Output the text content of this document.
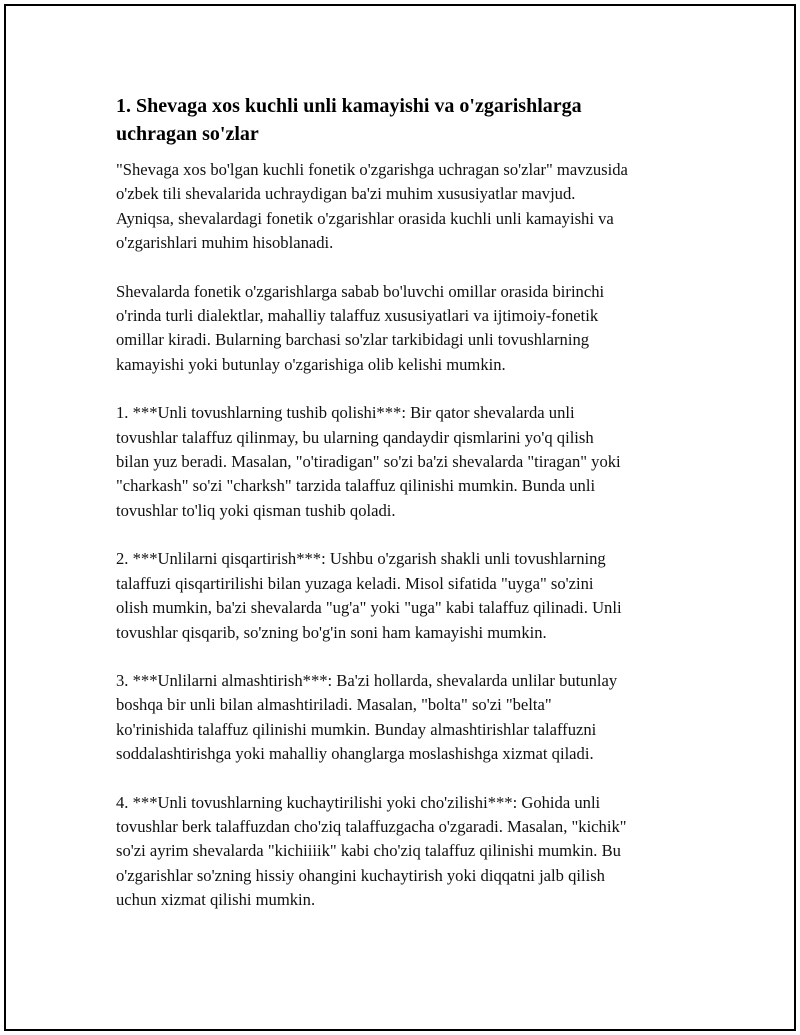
1. Shevaga xos kuchli unli kamayishi va o'zgarishlarga
uchragan so'zlar

"Shevaga xos bo'lgan kuchli fonetik o'zgarishga uchragan so'zlar" mavzusida
o'zbek tili shevalarida uchraydigan ba'zi muhim xususiyatlar mavjud.
Ayniqsa, shevalardagi fonetik o'zgarishlar orasida kuchli unli kamayishi va
o'zgarishlari muhim hisoblanadi.

Shevalarda fonetik o'zgarishlarga sabab bo'luvchi omillar orasida birinchi
o'rinda turli dialektlar, mahalliy talaffuz xususiyatlari va ijtimoiy-fonetik
omillar kiradi. Bularning barchasi so'zlar tarkibidagi unli tovushlarning
kamayishi yoki butunlay o'zgarishiga olib kelishi mumkin.

1. ***Unli tovushlarning tushib qolishi***: Bir qator shevalarda unli
tovushlar talaffuz qilinmay, bu ularning qandaydir qismlarini yo'q qilish
bilan yuz beradi. Masalan, "o'tiradigan" so'zi ba'zi shevalarda "tiragan" yoki
"charkash" so'zi "charksh" tarzida talaffuz qilinishi mumkin. Bunda unli
tovushlar to'liq yoki qisman tushib qoladi.

2. ***Unlilarni qisqartirish***: Ushbu o'zgarish shakli unli tovushlarning
talaffuzi qisqartirilishi bilan yuzaga keladi. Misol sifatida "uyga" so'zini
olish mumkin, ba'zi shevalarda "ug'a" yoki "uga" kabi talaffuz qilinadi. Unli
tovushlar qisqarib, so'zning bo'g'in soni ham kamayishi mumkin.

3. ***Unlilarni almashtirish***: Ba'zi hollarda, shevalarda unlilar butunlay
boshqa bir unli bilan almashtiriladi. Masalan, "bolta" so'zi "belta"
ko'rinishida talaffuz qilinishi mumkin. Bunday almashtirishlar talaffuzni
soddalashtirishga yoki mahalliy ohanglarga moslashishga xizmat qiladi.

4. ***Unli tovushlarning kuchaytirilishi yoki cho'zilishi***: Gohida unli
tovushlar berk talaffuzdan cho'ziq talaffuzgacha o'zgaradi. Masalan, "kichik"
so'zi ayrim shevalarda "kichiiiik" kabi cho'ziq talaffuz qilinishi mumkin. Bu
o'zgarishlar so'zning hissiy ohangini kuchaytirish yoki diqqatni jalb qilish
uchun xizmat qilishi mumkin.
